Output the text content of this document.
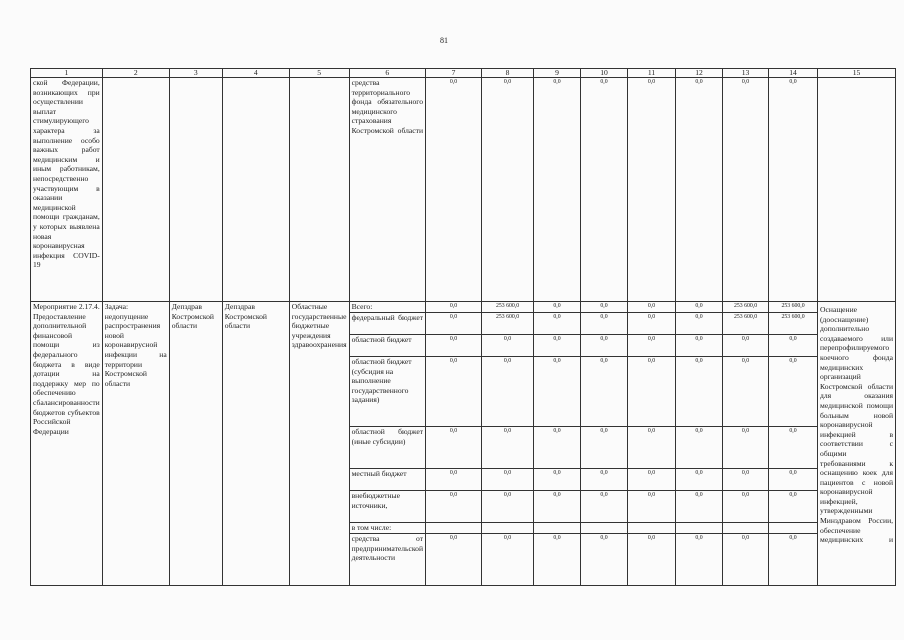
81
1	2	3	4	5	6	7	8	9	10	11	12	13	14	15
ской Федерации, возникающих при осуществлении выплат стимулирующего характера за выполнение особо важных работ медицинским и иным работникам, непосредственно участвующим в оказании медицинской помощи гражданам, у которых выявлена новая коронавирусная инфекция COVID-19					средства территориального фонда обязательного медицинского страхования Костромской области	0,0	0,0	0,0	0,0	0,0	0,0	0,0	0,0	
Мероприятие 2.17.4. Предоставление дополнительной финансовой помощи из федерального бюджета в виде дотации на поддержку мер по обеспечению сбалансированности бюджетов субъектов Российской Федерации	Задача: недопущение распространения новой коронавирусной инфекции на территории Костромской области	Депздрав Костромской области	Депздрав Костромской области	Областные государственные бюджетные учреждения здравоохранения	Всего:	0,0	253 600,0	0,0	0,0	0,0	0,0	253 600,0	253 600,0	Оснащение (дооснащение) дополнительно создаваемого или перепрофилируемого коечного фонда медицинских организаций Костромской области для оказания медицинской помощи больным новой коронавирусной инфекцией в соответствии с общими требованиями к оснащению коек для пациентов с новой коронавирусной инфекцией, утвержденными Минздравом России, обеспечение медицинских и
					федеральный бюджет	0,0	253 600,0	0,0	0,0	0,0	0,0	253 600,0	253 600,0	
					областной бюджет	0,0	0,0	0,0	0,0	0,0	0,0	0,0	0,0	
					областной бюджет (субсидия на выполнение государственного задания)	0,0	0,0	0,0	0,0	0,0	0,0	0,0	0,0	
					областной бюджет (иные субсидии)	0,0	0,0	0,0	0,0	0,0	0,0	0,0	0,0	
					местный бюджет	0,0	0,0	0,0	0,0	0,0	0,0	0,0	0,0	
					внебюджетные источники,	0,0	0,0	0,0	0,0	0,0	0,0	0,0	0,0	
					в том числе:									
					средства от предпринимательской деятельности	0,0	0,0	0,0	0,0	0,0	0,0	0,0	0,0	
